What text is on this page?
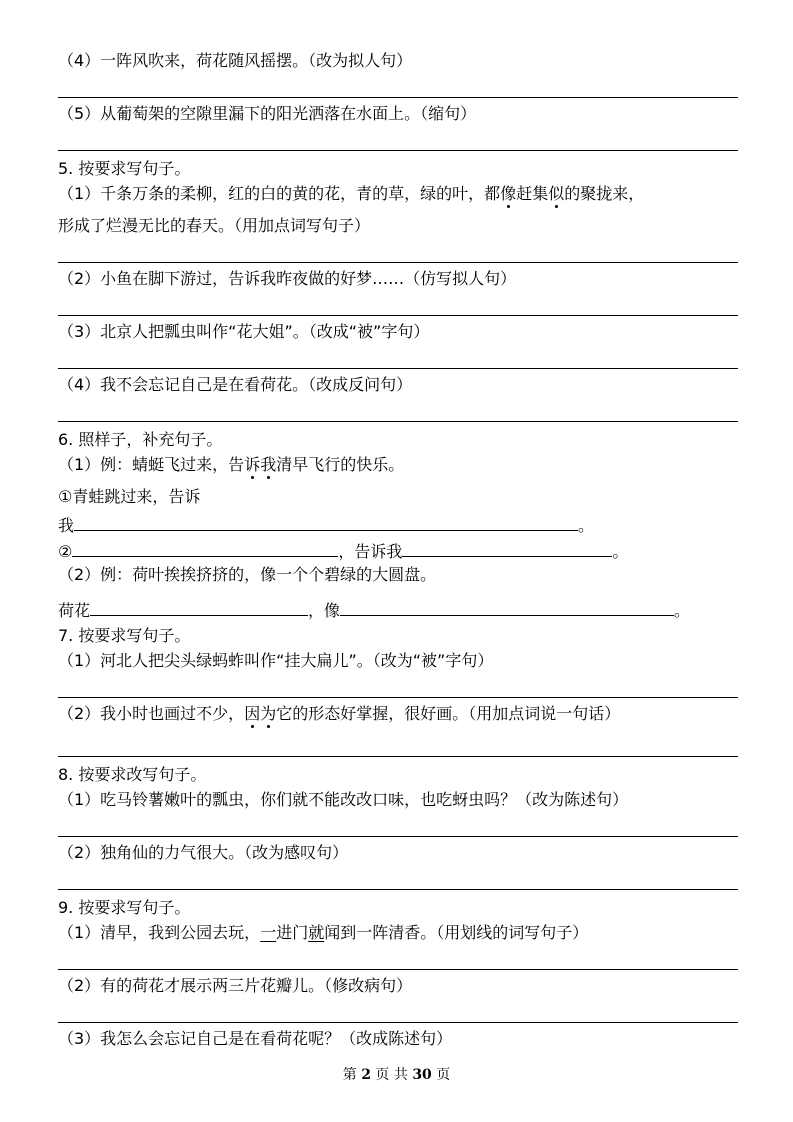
（4）一阵风吹来，荷花随风摇摆。（改为拟人句）
（5）从葡萄架的空隙里漏下的阳光洒落在水面上。（缩句）
5. 按要求写句子。
（1）千条万条的柔柳，红的白的黄的花，青的草，绿的叶，都像赶集似的聚拢来，
形成了烂漫无比的春天。（用加点词写句子）
（2）小鱼在脚下游过，告诉我昨夜做的好梦……（仿写拟人句）
（3）北京人把瓢虫叫作“花大姐”。（改成“被”字句）
（4）我不会忘记自己是在看荷花。（改成反问句）
6. 照样子，补充句子。
（1）例：蜻蜓飞过来，告诉我清早飞行的快乐。
①青蛙跳过来，告诉
我	。
②	，告诉我	。
（2）例：荷叶挨挨挤挤的，像一个个碧绿的大圆盘。
荷花	，像	。
7. 按要求写句子。
（1）河北人把尖头绿蚂蚱叫作“挂大扁儿”。（改为“被”字句）
（2）我小时也画过不少，因为它的形态好掌握，很好画。（用加点词说一句话）
8. 按要求改写句子。
（1）吃马铃薯嫩叶的瓢虫，你们就不能改改口味，也吃蚜虫吗？（改为陈述句）
（2）独角仙的力气很大。（改为感叹句）
9. 按要求写句子。
（1）清早，我到公园去玩，一进门就闻到一阵清香。（用划线的词写句子）
（2）有的荷花才展示两三片花瓣儿。（修改病句）
（3）我怎么会忘记自己是在看荷花呢？（改成陈述句）
第 2 页 共 30 页
